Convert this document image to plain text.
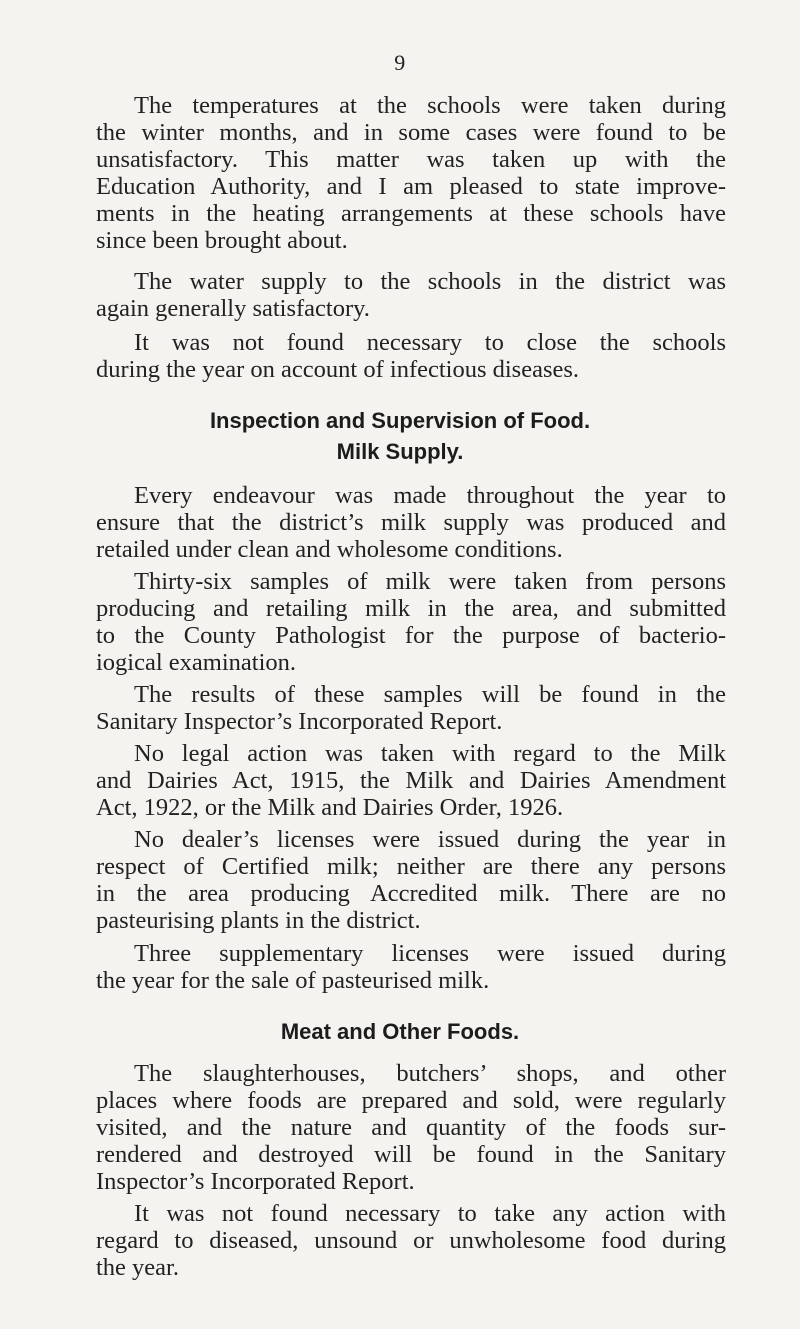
9
The temperatures at the schools were taken during
the winter months, and in some cases were found to be
unsatisfactory. This matter was taken up with the
Education Authority, and I am pleased to state improve-
ments in the heating arrangements at these schools have
since been brought about.
The water supply to the schools in the district was
again generally satisfactory.
It was not found necessary to close the schools
during the year on account of infectious diseases.
Inspection and Supervision of Food.
Milk Supply.
Every endeavour was made throughout the year to
ensure that the district’s milk supply was produced and
retailed under clean and wholesome conditions.
Thirty-six samples of milk were taken from persons
producing and retailing milk in the area, and submitted
to the County Pathologist for the purpose of bacterio-
iogical examination.
The results of these samples will be found in the
Sanitary Inspector’s Incorporated Report.
No legal action was taken with regard to the Milk
and Dairies Act, 1915, the Milk and Dairies Amendment
Act, 1922, or the Milk and Dairies Order, 1926.
No dealer’s licenses were issued during the year in
respect of Certified milk; neither are there any persons
in the area producing Accredited milk. There are no
pasteurising plants in the district.
Three supplementary licenses were issued during
the year for the sale of pasteurised milk.
Meat and Other Foods.
The slaughterhouses, butchers’ shops, and other
places where foods are prepared and sold, were regularly
visited, and the nature and quantity of the foods sur-
rendered and destroyed will be found in the Sanitary
Inspector’s Incorporated Report.
It was not found necessary to take any action with
regard to diseased, unsound or unwholesome food during
the year.
